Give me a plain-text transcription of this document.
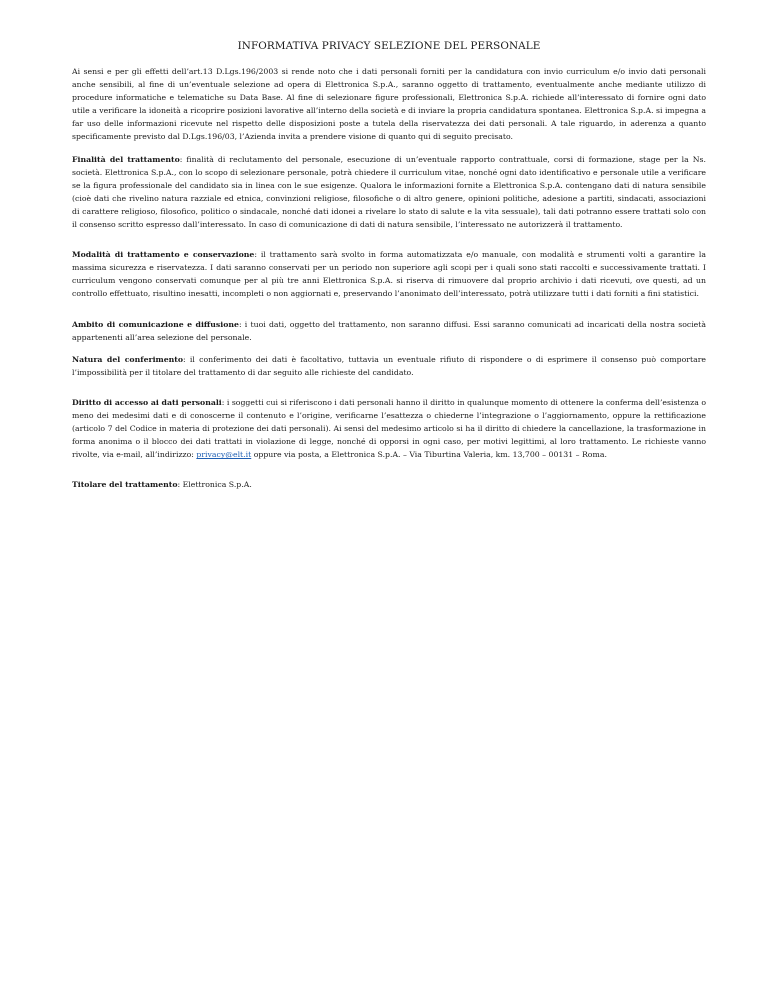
INFORMATIVA PRIVACY SELEZIONE DEL PERSONALE

Ai sensi e per gli effetti dell’art.13 D.Lgs.196/2003 si rende noto che i dati personali forniti per la candidatura con invio curriculum e/o invio dati personali anche sensibili, al fine di un’eventuale selezione ad opera di Elettronica S.p.A., saranno oggetto di trattamento, eventualmente anche mediante utilizzo di procedure informatiche e telematiche su Data Base. Al fine di selezionare figure professionali, Elettronica S.p.A. richiede all’interessato di fornire ogni dato utile a verificare la idoneità a ricoprire posizioni lavorative all’interno della società e di inviare la propria candidatura spontanea. Elettronica S.p.A. si impegna a far uso delle informazioni ricevute nel rispetto delle disposizioni poste a tutela della riservatezza dei dati personali. A tale riguardo, in aderenza a quanto specificamente previsto dal D.Lgs.196/03, l’Azienda invita a prendere visione di quanto qui di seguito precisato.

Finalità del trattamento: finalità di reclutamento del personale, esecuzione di un’eventuale rapporto contrattuale, corsi di formazione, stage per la Ns. società. Elettronica S.p.A., con lo scopo di selezionare personale, potrà chiedere il curriculum vitae, nonché ogni dato identificativo e personale utile a verificare se la figura professionale del candidato sia in linea con le sue esigenze. Qualora le informazioni fornite a Elettronica S.p.A. contengano dati di natura sensibile (cioè dati che rivelino natura razziale ed etnica, convinzioni religiose, filosofiche o di altro genere, opinioni politiche, adesione a partiti, sindacati, associazioni di carattere religioso, filosofico, politico o sindacale, nonché dati idonei a rivelare lo stato di salute e la vita sessuale), tali dati potranno essere trattati solo con il consenso scritto espresso dall’interessato. In caso di comunicazione di dati di natura sensibile, l’interessato ne autorizzerà il trattamento.

Modalità di trattamento e conservazione: il trattamento sarà svolto in forma automatizzata e/o manuale, con modalità e strumenti volti a garantire la massima sicurezza e riservatezza. I dati saranno conservati per un periodo non superiore agli scopi per i quali sono stati raccolti e successivamente trattati. I curriculum vengono conservati comunque per al più tre anni Elettronica S.p.A. si riserva di rimuovere dal proprio archivio i dati ricevuti, ove questi, ad un controllo effettuato, risultino inesatti, incompleti o non aggiornati e, preservando l’anonimato dell’interessato, potrà utilizzare tutti i dati forniti a fini statistici.

Ambito di comunicazione e diffusione: i tuoi dati, oggetto del trattamento, non saranno diffusi. Essi saranno comunicati ad incaricati della nostra società appartenenti all’area selezione del personale.

Natura del conferimento: il conferimento dei dati è facoltativo, tuttavia un eventuale rifiuto di rispondere o di esprimere il consenso può comportare l’impossibilità per il titolare del trattamento di dar seguito alle richieste del candidato.

Diritto di accesso ai dati personali: i soggetti cui si riferiscono i dati personali hanno il diritto in qualunque momento di ottenere la conferma dell’esistenza o meno dei medesimi dati e di conoscerne il contenuto e l’origine, verificarne l’esattezza o chiederne l’integrazione o l’aggiornamento, oppure la rettificazione (articolo 7 del Codice in materia di protezione dei dati personali). Ai sensi del medesimo articolo si ha il diritto di chiedere la cancellazione, la trasformazione in forma anonima o il blocco dei dati trattati in violazione di legge, nonché di opporsi in ogni caso, per motivi legittimi, al loro trattamento. Le richieste vanno rivolte, via e-mail, all’indirizzo: privacy@elt.it oppure via posta, a Elettronica S.p.A. – Via Tiburtina Valeria, km. 13,700 – 00131 – Roma.

Titolare del trattamento: Elettronica S.p.A.
